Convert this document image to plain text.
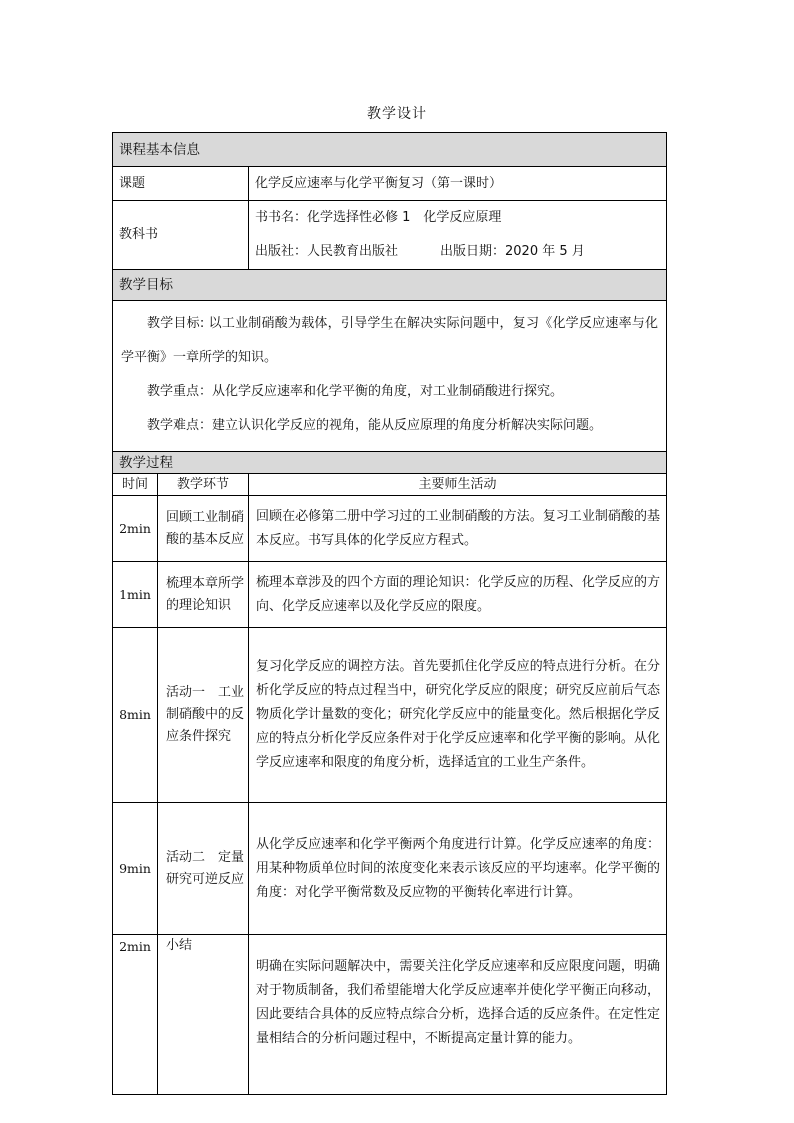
教学设计
课程基本信息		
课题		化学反应速率与化学平衡复习（第一课时）
教科书		书书名：化学选择性必修 1　化学反应原理
出版社：人民教育出版社 出版日期：2020 年 5 月

教学目标		

教学目标: 以工业制硝酸为载体，引导学生在解决实际问题中，复习《化学反应速率与化学平衡》一章所学的知识。

教学重点：从化学反应速率和化学平衡的角度，对工业制硝酸进行探究。

教学难点：建立认识化学反应的视角，能从反应原理的角度分析解决实际问题。		

教学过程		
时间	教学环节	主要师生活动
2min	回顾工业制硝酸的基本反应	回顾在必修第二册中学习过的工业制硝酸的方法。复习工业制硝酸的基本反应。书写具体的化学反应方程式。
1min	梳理本章所学的理论知识	梳理本章涉及的四个方面的理论知识：化学反应的历程、化学反应的方向、化学反应速率以及化学反应的限度。
8min	活动一　工业制硝酸中的反应条件探究	复习化学反应的调控方法。首先要抓住化学反应的特点进行分析。在分析化学反应的特点过程当中，研究化学反应的限度；研究反应前后气态物质化学计量数的变化；研究化学反应中的能量变化。然后根据化学反应的特点分析化学反应条件对于化学反应速率和化学平衡的影响。从化学反应速率和限度的角度分析，选择适宜的工业生产条件。
9min	活动二　定量研究可逆反应	从化学反应速率和化学平衡两个角度进行计算。化学反应速率的角度：用某种物质单位时间的浓度变化来表示该反应的平均速率。化学平衡的角度：对化学平衡常数及反应物的平衡转化率进行计算。
2min	小结	明确在实际问题解决中，需要关注化学反应速率和反应限度问题，明确对于物质制备，我们希望能增大化学反应速率并使化学平衡正向移动，因此要结合具体的反应特点综合分析，选择合适的反应条件。在定性定量相结合的分析问题过程中，不断提高定量计算的能力。
